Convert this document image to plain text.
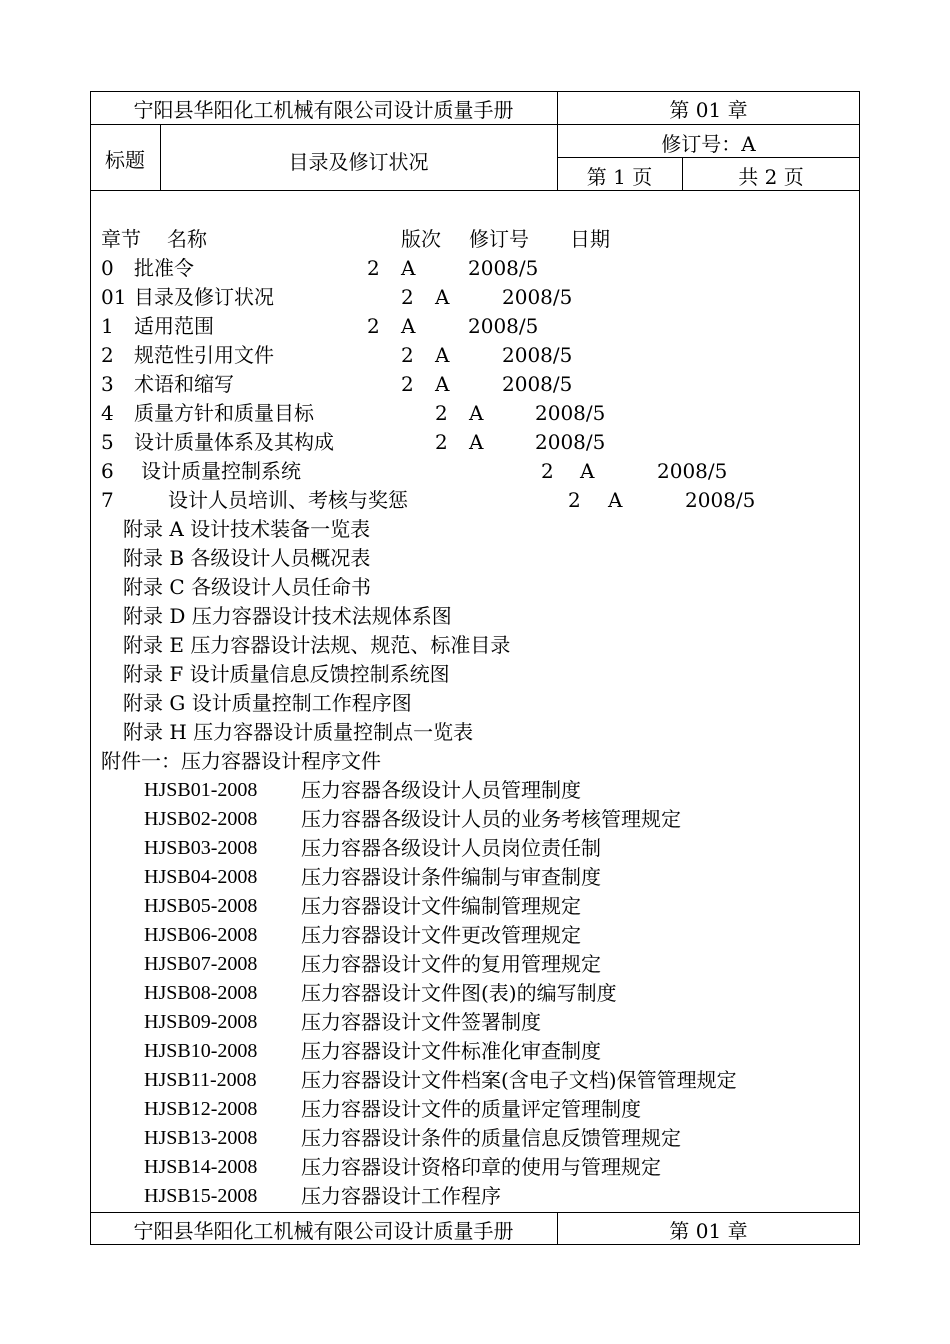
宁阳县华阳化工机械有限公司设计质量手册	第 01 章
标题	目录及修订状况
修订号：A
第 1 页	共 2 页
章节 名称	版次 修订号 日期
0 批准令	2 A	2008/5
01 目录及修订状况	2 A	2008/5
1 适用范围	2 A	2008/5
2 规范性引用文件	2 A	2008/5
3 术语和缩写	2 A	2008/5
4 质量方针和质量目标	2 A	2008/5
5 设计质量体系及其构成	2 A	2008/5
6 设计质量控制系统	2 A	2008/5
7	设计人员培训、考核与奖惩	2 A	2008/5
附录 A 设计技术装备一览表
附录 B 各级设计人员概况表
附录 C 各级设计人员任命书
附录 D 压力容器设计技术法规体系图
附录 E 压力容器设计法规、规范、标准目录
附录 F 设计质量信息反馈控制系统图
附录 G 设计质量控制工作程序图
附录 H 压力容器设计质量控制点一览表
附件一：压力容器设计程序文件
HJSB01-2008 压力容器各级设计人员管理制度
HJSB02-2008 压力容器各级设计人员的业务考核管理规定
HJSB03-2008 压力容器各级设计人员岗位责任制
HJSB04-2008 压力容器设计条件编制与审查制度
HJSB05-2008 压力容器设计文件编制管理规定
HJSB06-2008 压力容器设计文件更改管理规定
HJSB07-2008 压力容器设计文件的复用管理规定
HJSB08-2008 压力容器设计文件图(表)的编写制度
HJSB09-2008 压力容器设计文件签署制度
HJSB10-2008 压力容器设计文件标准化审查制度
HJSB11-2008 压力容器设计文件档案(含电子文档)保管管理规定
HJSB12-2008 压力容器设计文件的质量评定管理制度
HJSB13-2008 压力容器设计条件的质量信息反馈管理规定
HJSB14-2008 压力容器设计资格印章的使用与管理规定
HJSB15-2008 压力容器设计工作程序
宁阳县华阳化工机械有限公司设计质量手册	第 01 章
